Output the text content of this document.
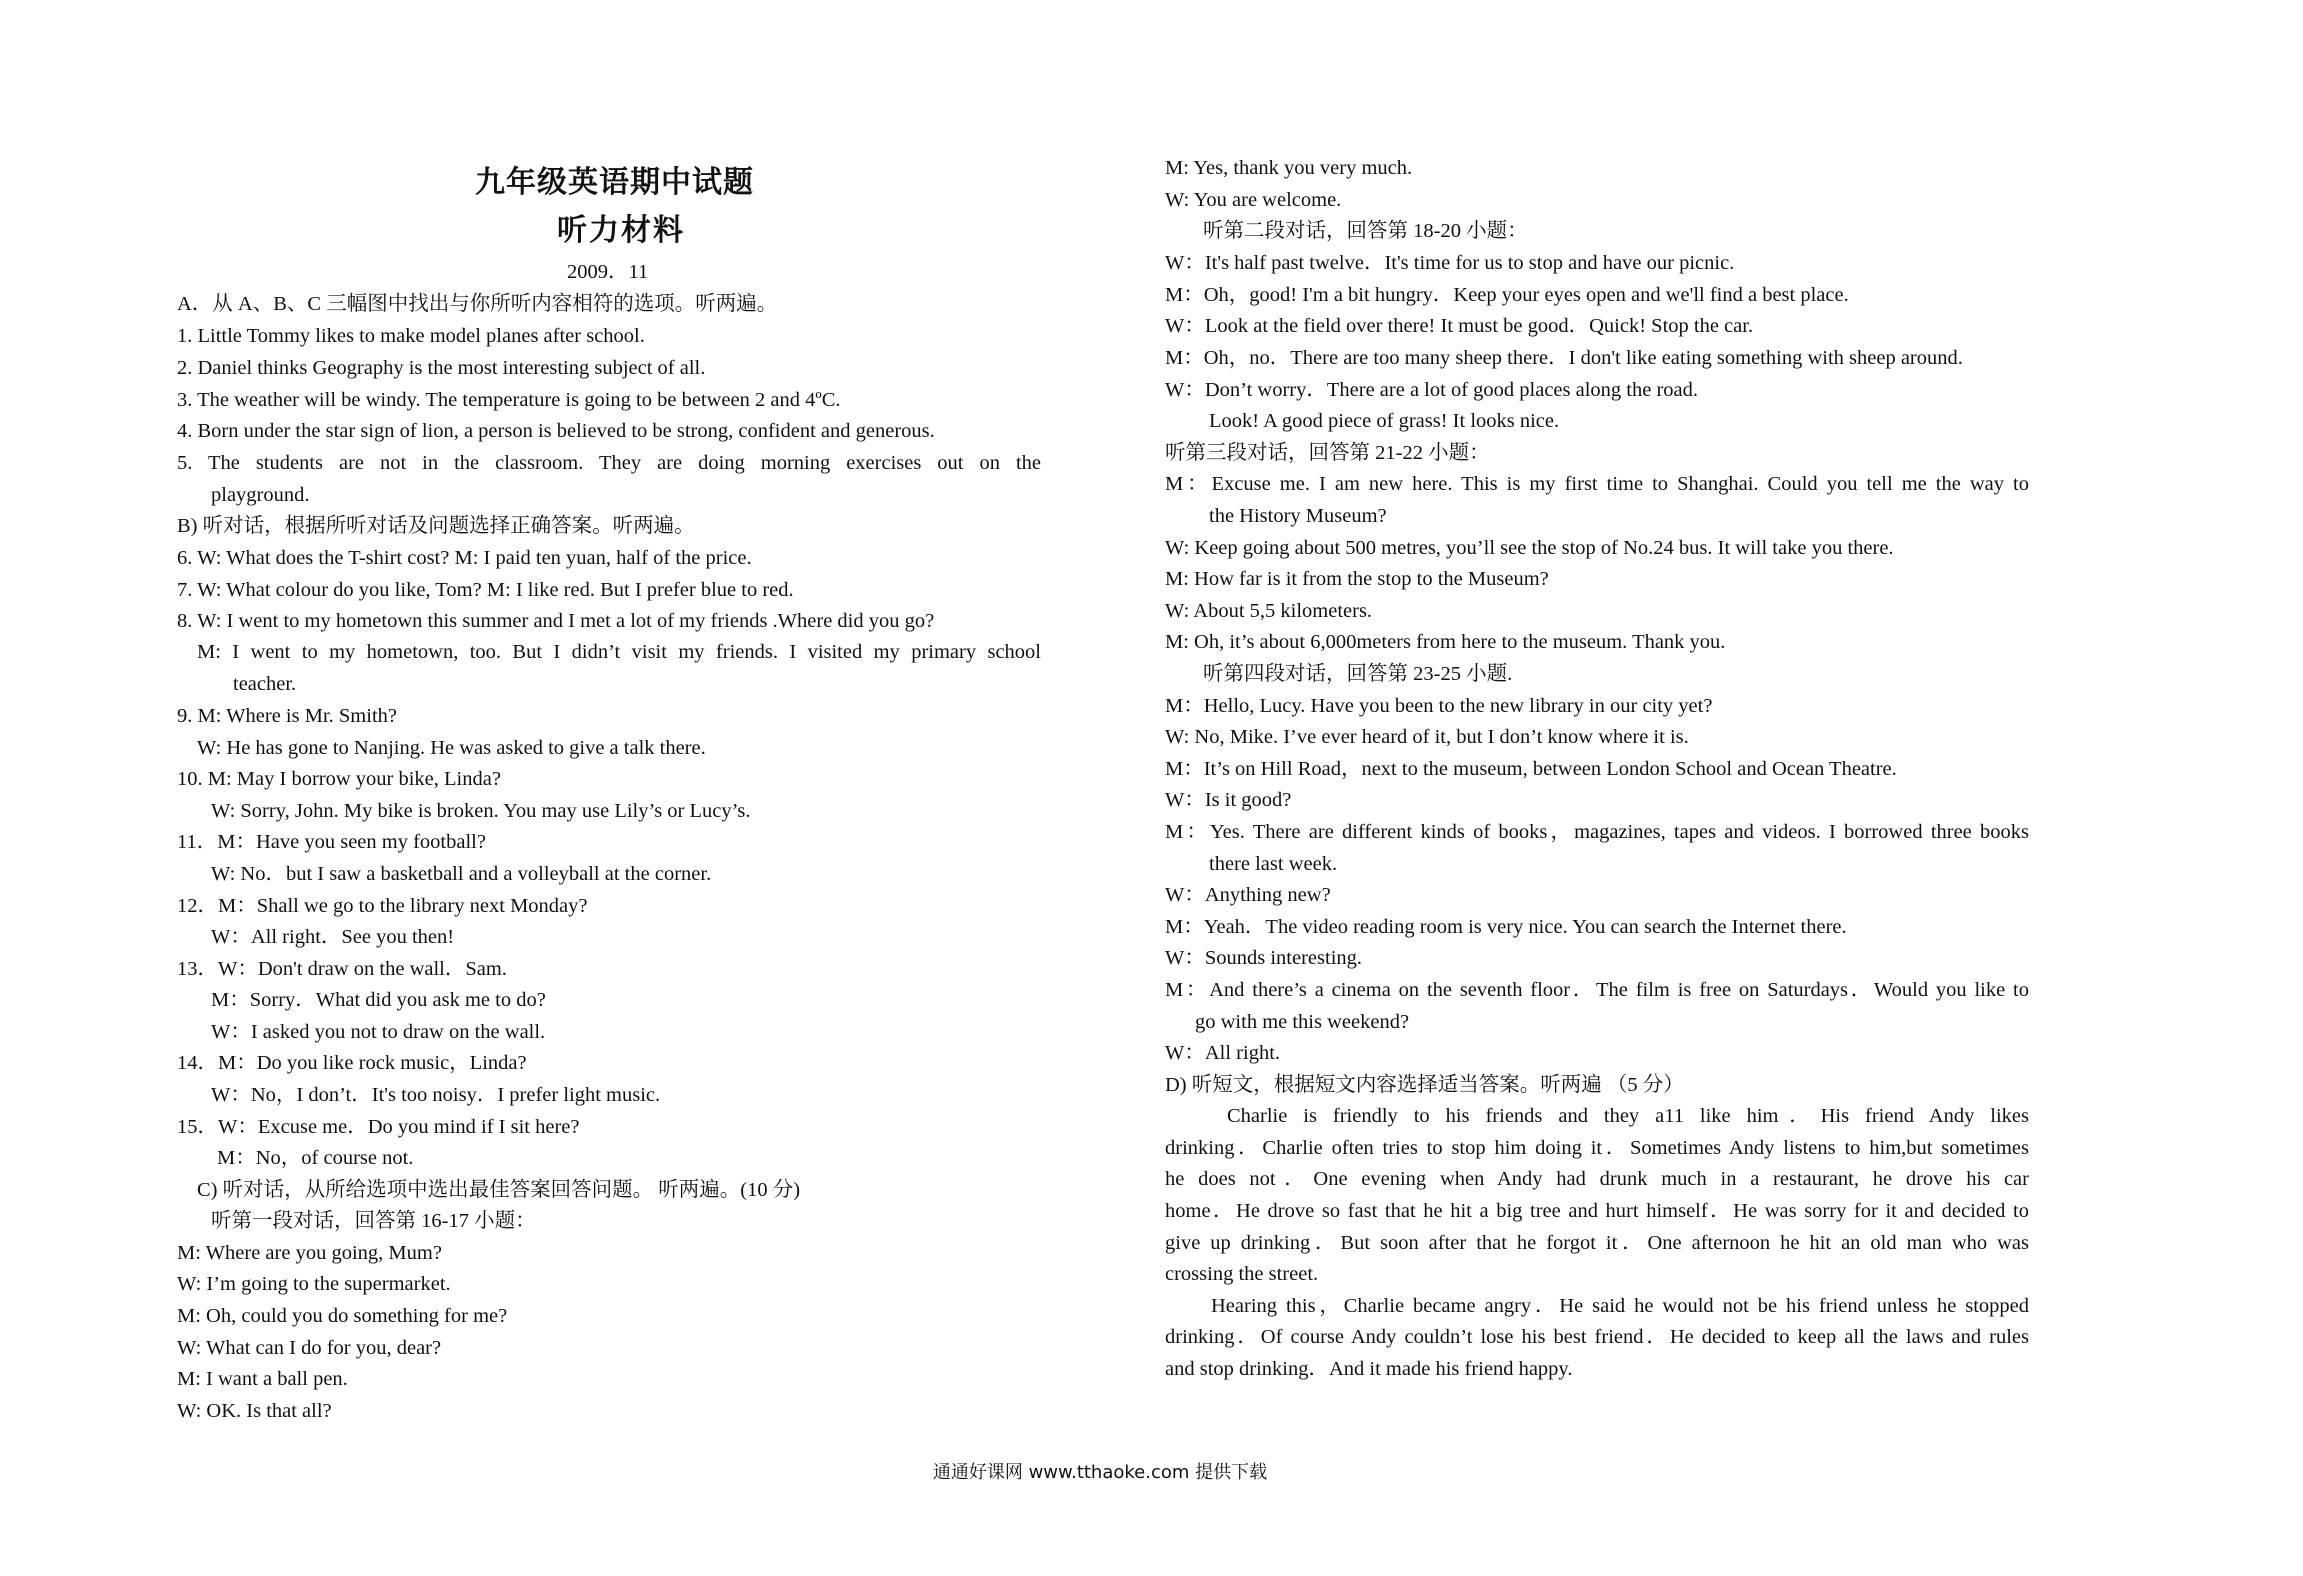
九年级英语期中试题
听力材料
2009．11
A．从 A、B、C 三幅图中找出与你所听内容相符的选项。听两遍。
1. Little Tommy likes to make model planes after school.
2. Daniel thinks Geography is the most interesting subject of all.
3. The weather will be windy. The temperature is going to be between 2 and 4ºC.
4. Born under the star sign of lion, a person is believed to be strong, confident and generous.
5. The students are not in the classroom. They are doing morning exercises out on the
playground.
B) 听对话，根据所听对话及问题选择正确答案。听两遍。
6. W: What does the T-shirt cost? M: I paid ten yuan, half of the price.
7. W: What colour do you like, Tom? M: I like red. But I prefer blue to red.
8. W: I went to my hometown this summer and I met a lot of my friends .Where did you go?
M: I went to my hometown, too. But I didn’t visit my friends. I visited my primary school
teacher.
9. M: Where is Mr. Smith?
W: He has gone to Nanjing. He was asked to give a talk there.
10. M: May I borrow your bike, Linda?
W: Sorry, John. My bike is broken. You may use Lily’s or Lucy’s.
11．M：Have you seen my football?
W: No．but I saw a basketball and a volleyball at the corner.
12．M：Shall we go to the library next Monday?
W：All right．See you then!
13．W：Don't draw on the wall．Sam.
M：Sorry．What did you ask me to do?
W：I asked you not to draw on the wall.
14．M：Do you like rock music，Linda?
W：No，I don’t．It's too noisy．I prefer light music.
15．W：Excuse me．Do you mind if I sit here?
M：No，of course not.
C) 听对话，从所给选项中选出最佳答案回答问题。 听两遍。(10 分)
听第一段对话，回答第 16-17 小题：
M: Where are you going, Mum?
W: I’m going to the supermarket.
M: Oh, could you do something for me?
W: What can I do for you, dear?
M: I want a ball pen.
W: OK. Is that all?
M: Yes, thank you very much.
W: You are welcome.
听第二段对话，回答第 18-20 小题：
W：It's half past twelve．It's time for us to stop and have our picnic.
M：Oh，good! I'm a bit hungry．Keep your eyes open and we'll find a best place.
W：Look at the field over there! It must be good．Quick! Stop the car.
M：Oh，no．There are too many sheep there．I don't like eating something with sheep around.
W：Don’t worry．There are a lot of good places along the road.
Look! A good piece of grass! It looks nice.
听第三段对话，回答第 21-22 小题：
M：Excuse me. I am new here. This is my first time to Shanghai. Could you tell me the way to
the History Museum?
W: Keep going about 500 metres, you’ll see the stop of No.24 bus. It will take you there.
M: How far is it from the stop to the Museum?
W: About 5,5 kilometers.
M: Oh, it’s about 6,000meters from here to the museum. Thank you.
听第四段对话，回答第 23-25 小题.
M：Hello, Lucy. Have you been to the new library in our city yet?
W: No, Mike. I’ve ever heard of it, but I don’t know where it is.
M：It’s on Hill Road，next to the museum, between London School and Ocean Theatre.
W：Is it good?
M：Yes. There are different kinds of books，magazines, tapes and videos. I borrowed three books
there last week.
W：Anything new?
M：Yeah．The video reading room is very nice. You can search the Internet there.
W：Sounds interesting.
M：And there’s a cinema on the seventh floor．The film is free on Saturdays．Would you like to
go with me this weekend?
W：All right.
D) 听短文，根据短文内容选择适当答案。听两遍 （5 分）
Charlie is friendly to his friends and they a11 like him．His friend Andy likes
drinking．Charlie often tries to stop him doing it．Sometimes Andy listens to him,but sometimes
he does not．One evening when Andy had drunk much in a restaurant, he drove his car
home．He drove so fast that he hit a big tree and hurt himself．He was sorry for it and decided to
give up drinking．But soon after that he forgot it．One afternoon he hit an old man who was
crossing the street.
Hearing this，Charlie became angry．He said he would not be his friend unless he stopped
drinking．Of course Andy couldn’t lose his best friend．He decided to keep all the laws and rules
and stop drinking．And it made his friend happy.
通通好课网 www.tthaoke.com 提供下载
